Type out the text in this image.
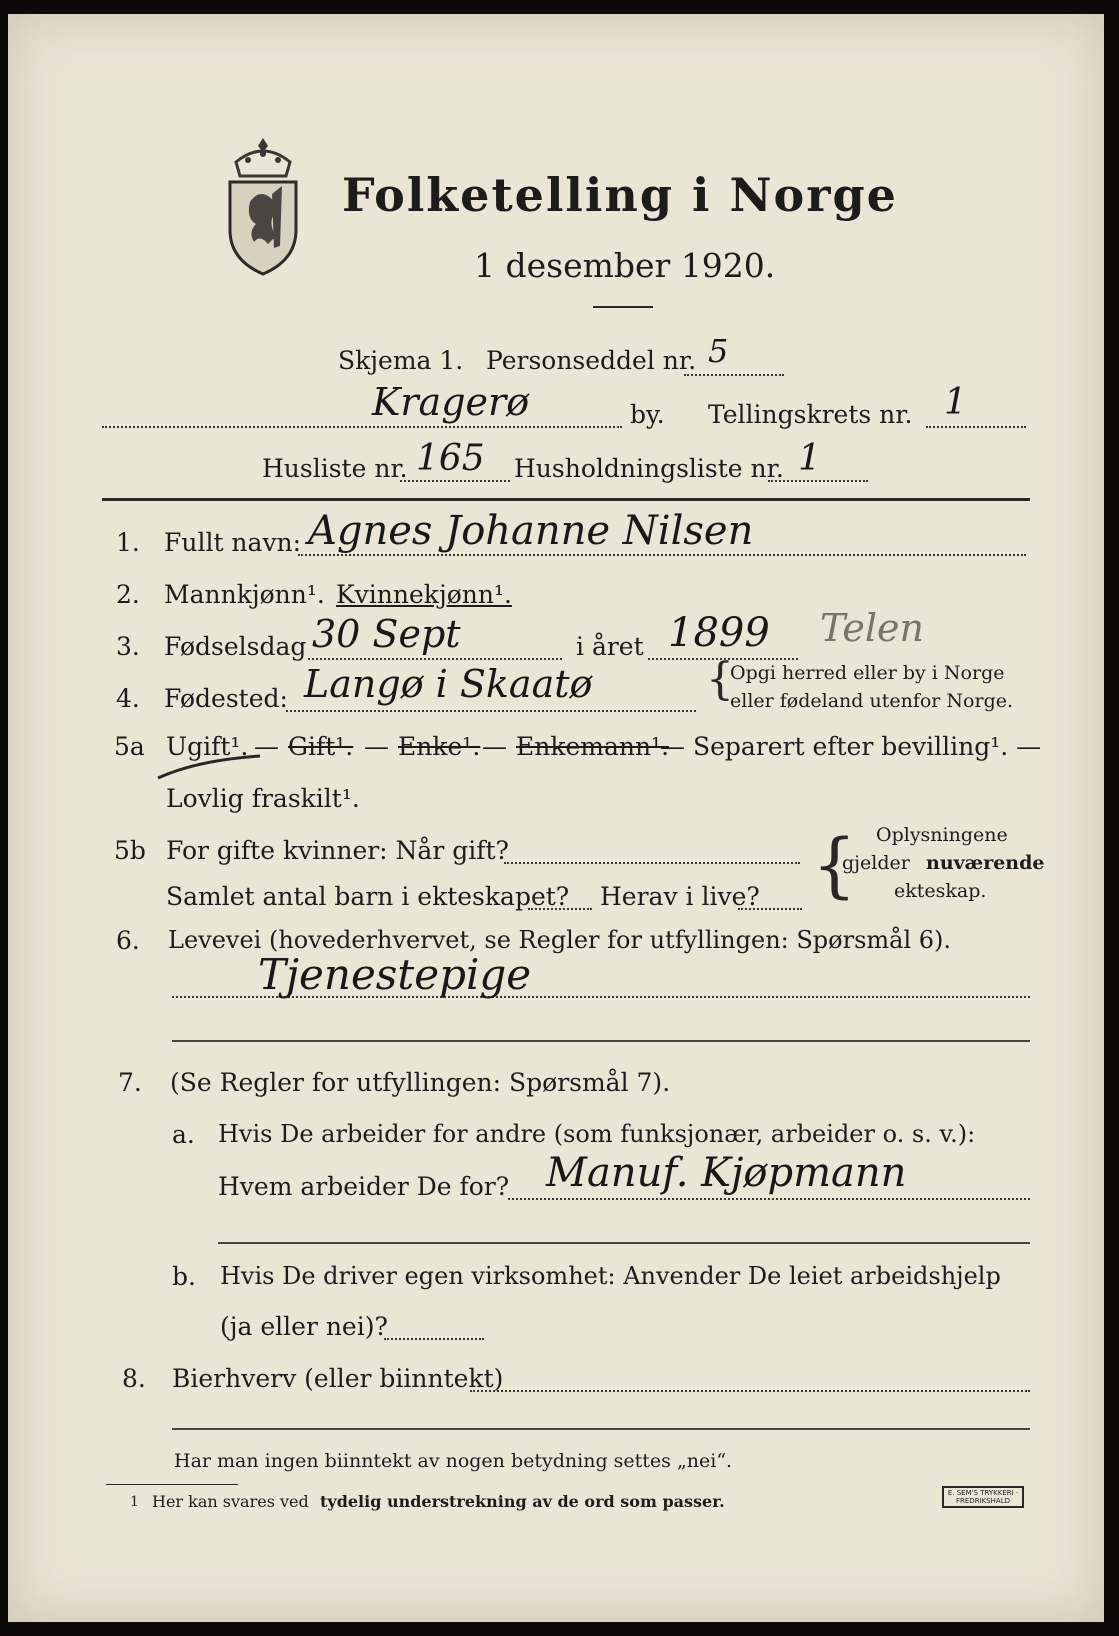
Folketelling i Norge
1 desember 1920.
Skjema 1. Personseddel nr. 5
Kragerø	by. Tellingskrets nr. 1
Husliste nr. 165 Husholdningsliste nr. 1
1. Fullt navn: Agnes Johanne Nilsen
2. Mannkjønn¹. Kvinnekjønn¹.
3. Fødselsdag 30 Sept	i året 1899 Telen
4. Fødested: Langø i Skaatø	{
Opgi herred eller by i Norge
eller fødeland utenfor Norge.
5a Ugift¹. — Gift¹. — Enke¹. — Enkemann¹.
— Separert efter bevilling¹. —
Lovlig fraskilt¹.
5b For gifte kvinner: Når gift?
Samlet antal barn i ekteskapet? Herav i live? { Oplysningene
gjelder nuværende
ekteskap.
6. Levevei (hovederhvervet, se Regler for utfyllingen: Spørsmål 6).
Tjenestepige
7. (Se Regler for utfyllingen: Spørsmål 7).
a. Hvis De arbeider for andre (som funksjonær, arbeider o. s. v.):
Hvem arbeider De for? Manuf. Kjøpmann
b. Hvis De driver egen virksomhet: Anvender De leiet arbeidshjelp
(ja eller nei)?
8. Bierhverv (eller biinntekt)
Har man ingen biinntekt av nogen betydning settes „nei“.
1 Her kan svares ved tydelig understrekning av de ord som passer.	E. SEM'S TRYKKERI · FREDRIKSHALD
